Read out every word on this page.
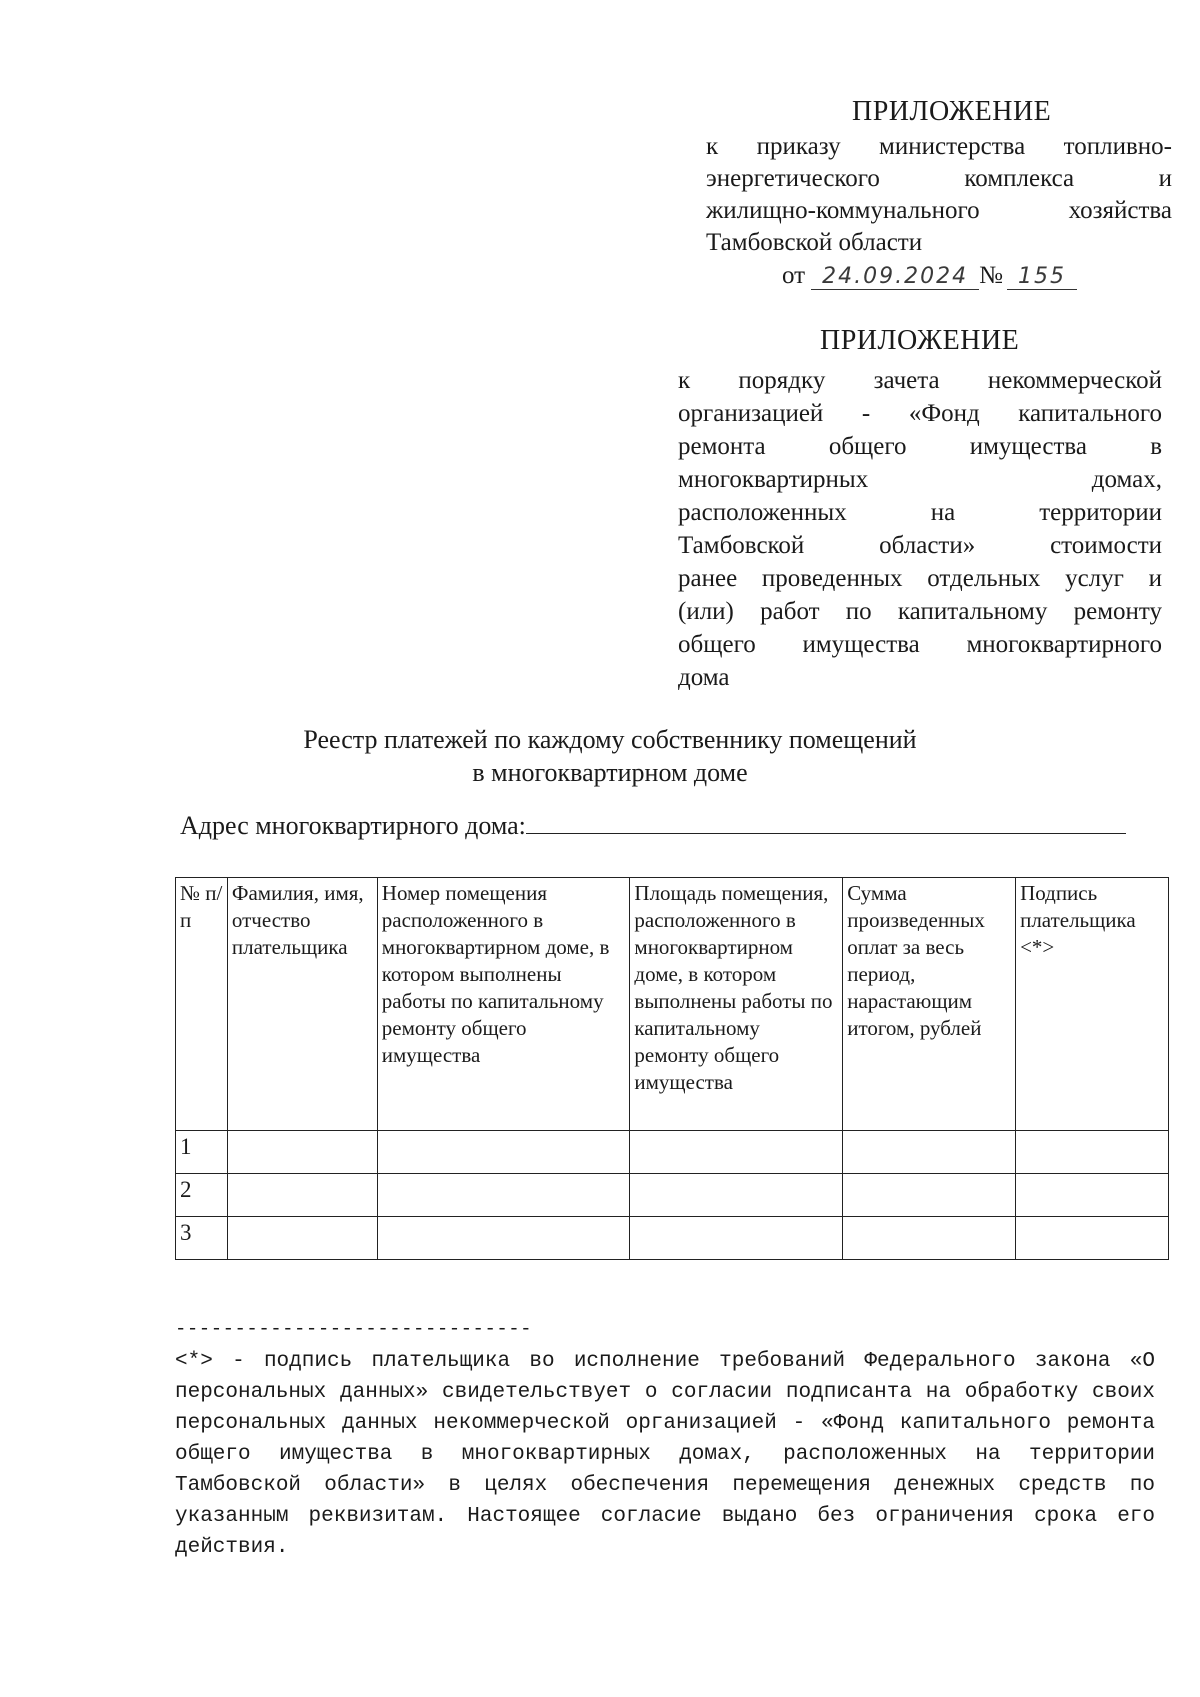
ПРИЛОЖЕНИЕ
к приказу министерства топливно-
энергетического комплекса и
жилищно-коммунального хозяйства
Тамбовской области
от 24.09.2024 № 155
ПРИЛОЖЕНИЕ
к порядку зачета некоммерческой
организацией - «Фонд капитального
ремонта общего имущества в
многоквартирных домах,
расположенных на территории
Тамбовской области» стоимости
ранее проведенных отдельных услуг и
(или) работ по капитальному ремонту
общего имущества многоквартирного
дома
Реестр платежей по каждому собственнику помещений
в многоквартирном доме
Адрес многоквартирного дома:
№ п/п	Фамилия, имя, отчество плательщика	Номер помещения расположенного в многоквартирном доме, в котором выполнены работы по капитальному ремонту общего имущества	Площадь помещения, расположенного в многоквартирном доме, в котором выполнены работы по капитальному ремонту общего имущества	Сумма произведенных оплат за весь период, нарастающим итогом, рублей	Подпись плательщика <*>
1					
2					
3					
------------------------------
<*> - подпись плательщика во исполнение требований Федерального закона «О
персональных данных» свидетельствует о согласии подписанта на обработку своих
персональных данных некоммерческой организацией - «Фонд капитального ремонта
общего имущества в многоквартирных домах, расположенных на территории
Тамбовской области» в целях обеспечения перемещения денежных средств по
указанным реквизитам. Настоящее согласие выдано без ограничения срока его
действия.
